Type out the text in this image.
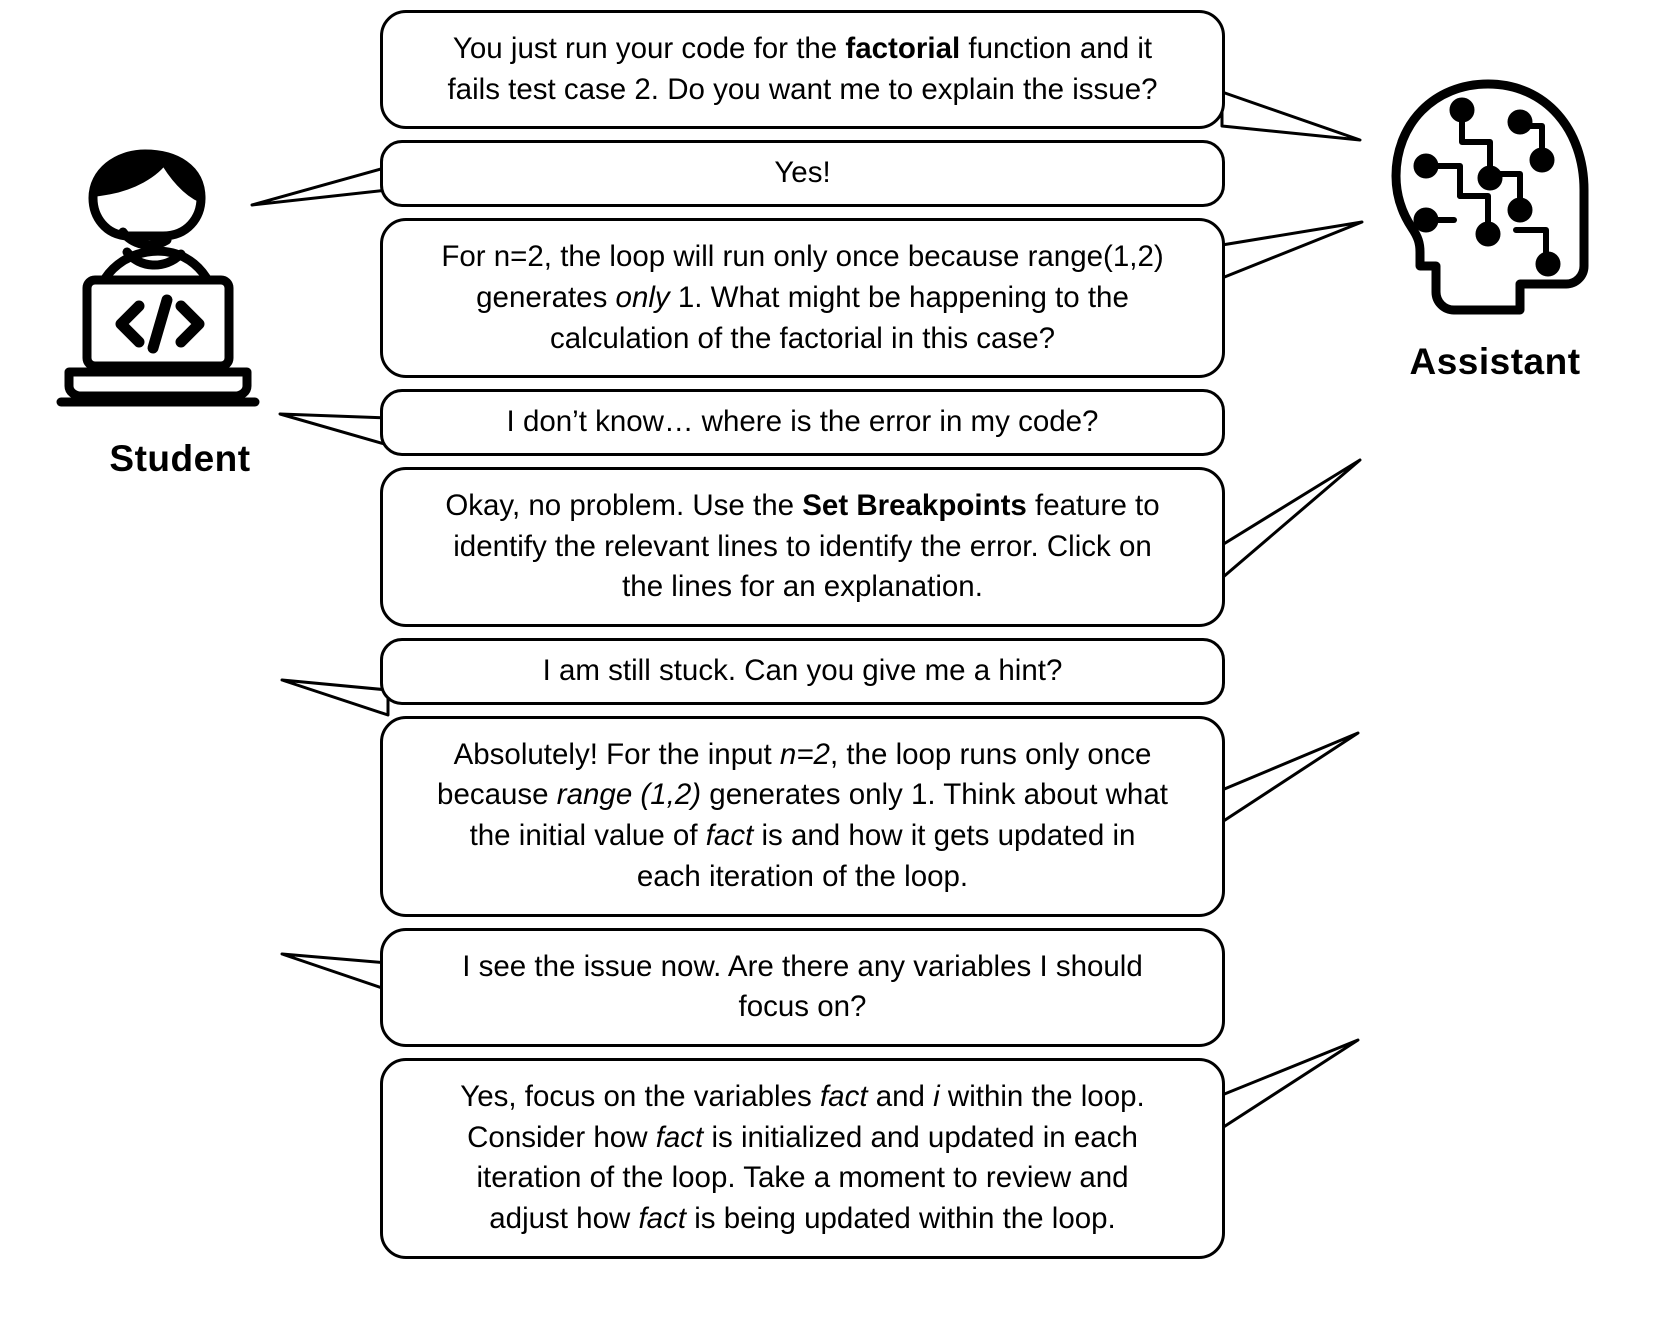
Student
Assistant
You just run your code for the factorial function and it
fails test case 2. Do you want me to explain the issue?
Yes!
For n=2, the loop will run only once because range(1,2)
generates only 1. What might be happening to the
calculation of the factorial in this case?
I don’t know… where is the error in my code?
Okay, no problem. Use the Set Breakpoints feature to
identify the relevant lines to identify the error. Click on
the lines for an explanation.
I am still stuck. Can you give me a hint?
Absolutely! For the input n=2, the loop runs only once
because range (1,2) generates only 1. Think about what
the initial value of fact is and how it gets updated in
each iteration of the loop.
I see the issue now. Are there any variables I should
focus on?
Yes, focus on the variables fact and i within the loop.
Consider how fact is initialized and updated in each
iteration of the loop. Take a moment to review and
adjust how fact is being updated within the loop.
